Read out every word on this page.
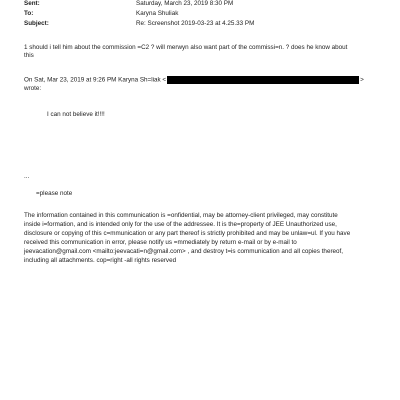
Sent:	Saturday, March 23, 2019 8:30 PM
To:	Karyna Shuliak
Subject:	Re: Screenshot 2019-03-23 at 4.25.33 PM
1 should i tell him about the commission =C2 ? will merwyn also want part of the commissi=n. ? does he know about
this
On Sat, Mar 23, 2019 at 9:26 PM Karyna Sh=liak <	>
wrote:
I can not believe it!!!!
...
=please note
The information contained in this communication is =onfidential, may be attorney-client privileged, may constitute
inside i=formation, and is intended only for the use of the addressee. It is the=property of JEE Unauthorized use,
disclosure or copying of this c=mmunication or any part thereof is strictly prohibited and may be unlaw=ul. If you have
received this communication in error, please notify us =mmediately by return e-mail or by e-mail to
jeevacation@gmail.com <mailto:jeevacati=n@gmail.com> , and destroy t=is communication and all copies thereof,
including all attachments. cop=right -all rights reserved
